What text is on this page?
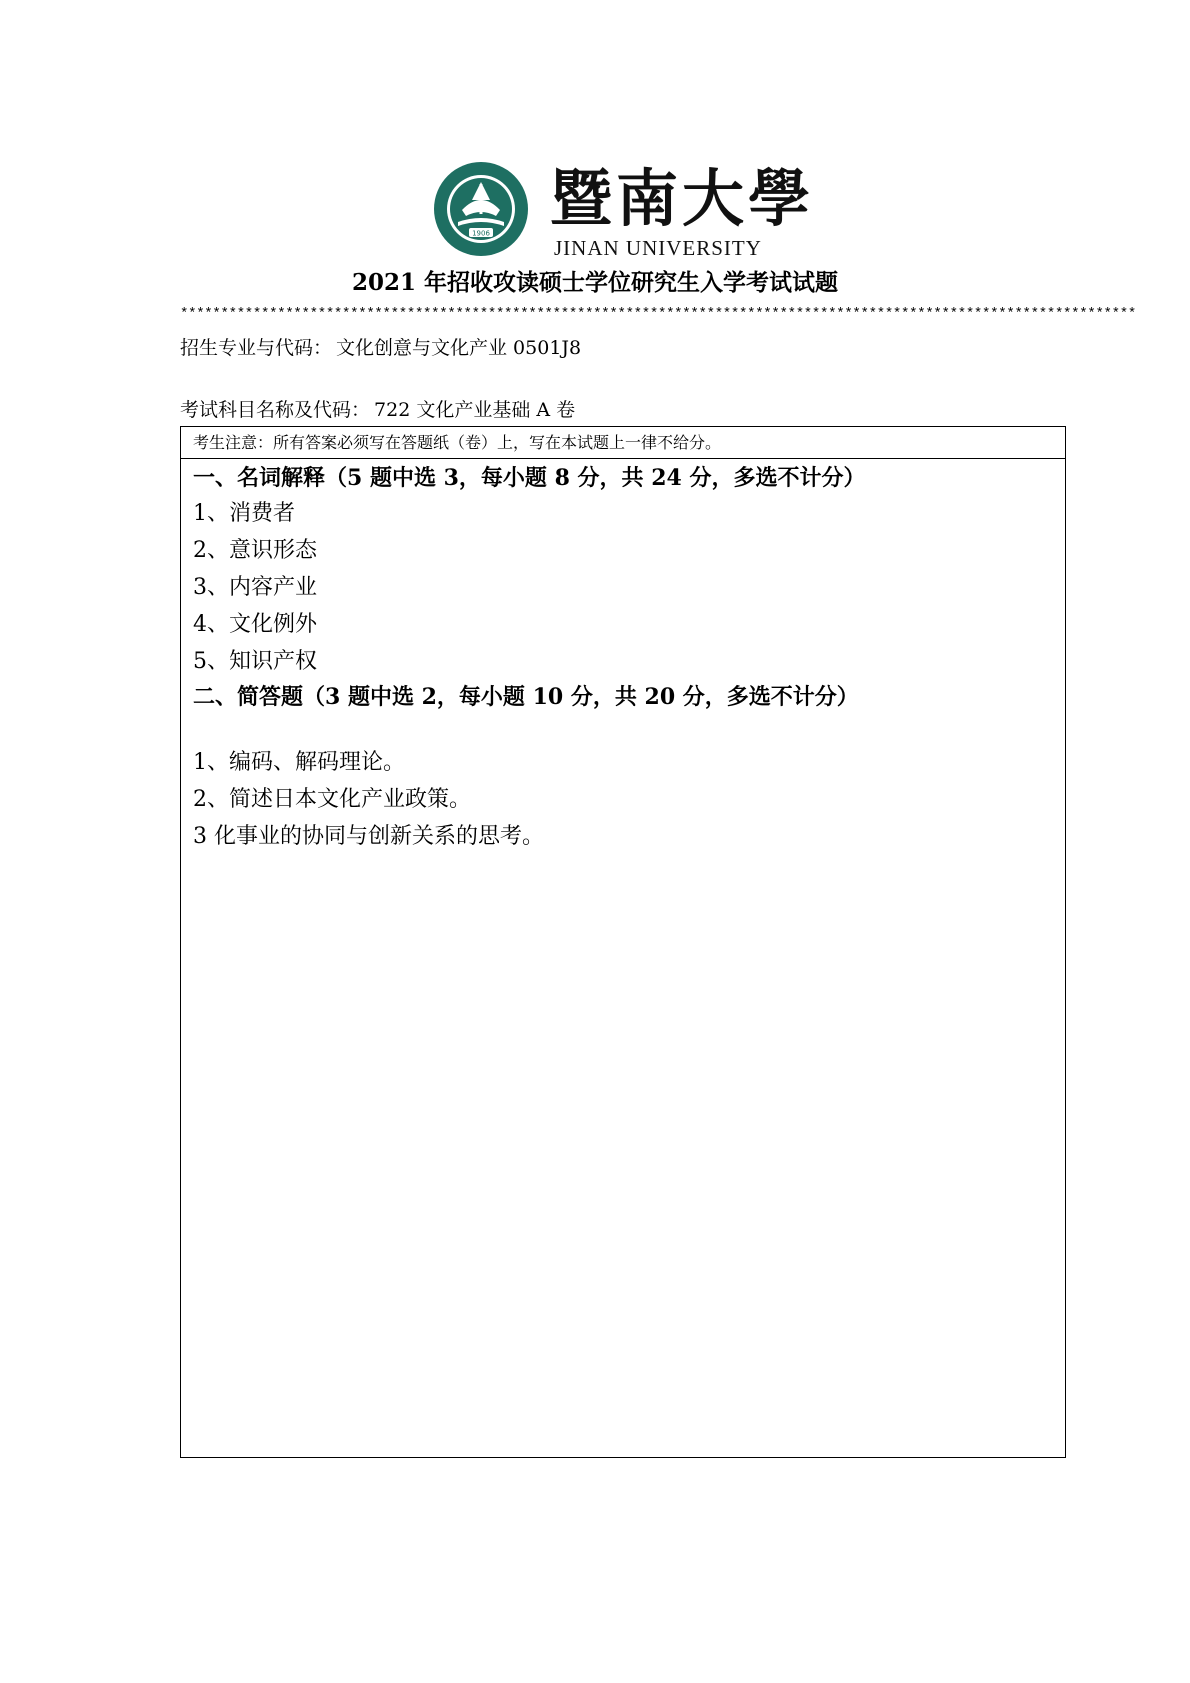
1906 暨南大學
JINAN UNIVERSITY
2021 年招收攻读硕士学位研究生入学考试试题
**********************************************************************************************************************
招生专业与代码： 文化创意与文化产业 0501J8
考试科目名称及代码： 722 文化产业基础 A 卷
考生注意：所有答案必须写在答题纸（卷）上，写在本试题上一律不给分。
一、名词解释（5 题中选 3，每小题 8 分，共 24 分，多选不计分）
1、消费者
2、意识形态
3、内容产业
4、文化例外
5、知识产权
二、简答题（3 题中选 2，每小题 10 分，共 20 分，多选不计分）
1、编码、解码理论。
2、简述日本文化产业政策。
3 化事业的协同与创新关系的思考。
